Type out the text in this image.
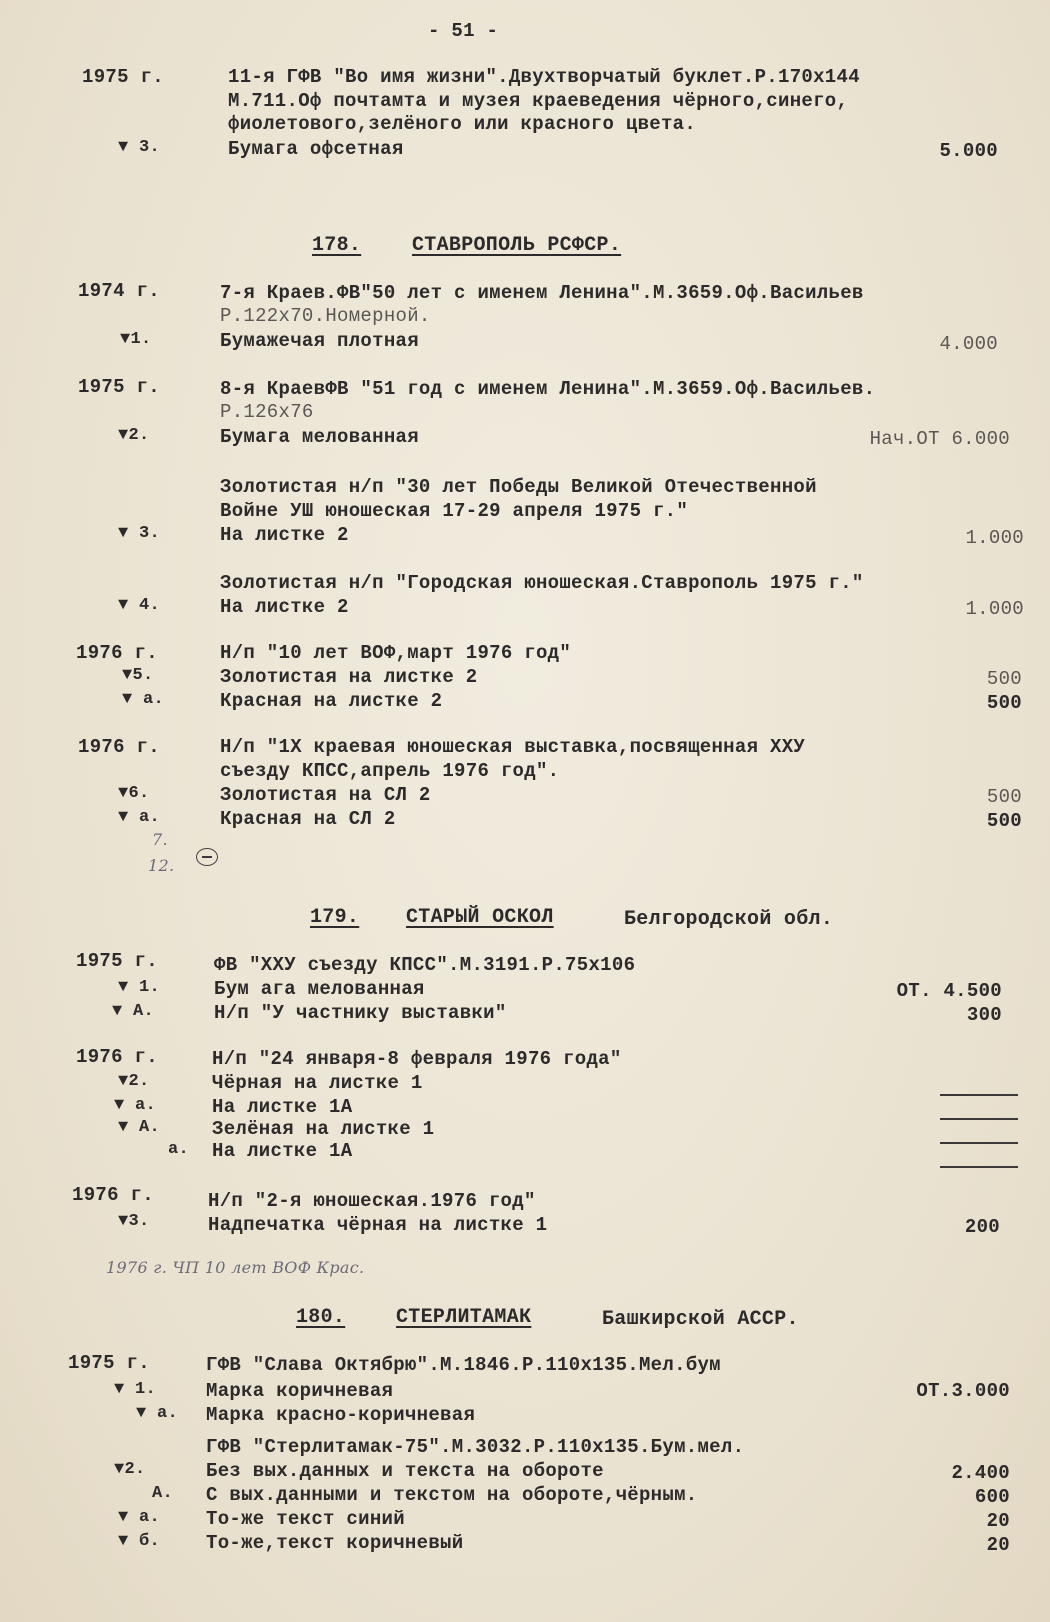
- 51 -
1975 г.	11-я ГФВ "Во имя жизни".Двухтворчатый буклет.Р.170х144
М.711.Оф почтамта и музея краеведения чёрного,синего,
фиолетового,зелёного или красного цвета.
▼ 3.	Бумага офсетная	5.000
178.	СТАВРОПОЛЬ РСФСР.
1974 г.	7-я Краев.ФВ"50 лет с именем Ленина".М.3659.Оф.Васильев
Р.122х70.Номерной.
▼1.	Бумажечая плотная	4.000
1975 г.	8-я КраевФВ "51 год с именем Ленина".М.3659.Оф.Васильев.
Р.126х76
▼2.	Бумага мелованная	Нач.ОТ 6.000
Золотистая н/п "30 лет Победы Великой Отечественной
Войне УШ юношеская 17-29 апреля 1975 г."
▼ 3.	На листке 2	1.000
Золотистая н/п "Городская юношеская.Ставрополь 1975 г."
▼ 4.	На листке 2	1.000
1976 г.	Н/п "10 лет ВОФ,март 1976 год"
▼5.	Золотистая на листке 2	500
▼ а.	Красная на листке 2	500
1976 г.	Н/п "1Х краевая юношеская выставка,посвященная ХХУ
съезду КПСС,апрель 1976 год".
▼6.	Золотистая на СЛ 2	500
▼ а.	Красная на СЛ 2	500
7.
12.
179. СТАРЫЙ ОСКОЛ	Белгородской обл.
1975 г.	ФВ "ХХУ съезду КПСС".М.3191.Р.75х106
▼ 1.	Бум ага мелованная	ОТ. 4.500
▼ А.	Н/п "У частнику выставки"	300
1976 г.	Н/п "24 января-8 февраля 1976 года"
▼2.	Чёрная на листке 1
▼ а.	На листке 1А
▼ А.	Зелёная на листке 1
а. На листке 1А
1976 г.	Н/п "2-я юношеская.1976 год"
▼3.	Надпечатка чёрная на листке 1	200
1976 г. ЧП 10 лет ВОФ Крас.
180.	СТЕРЛИТАМАК	Башкирской АССР.
1975 г.	ГФВ "Слава Октябрю".М.1846.Р.110х135.Мел.бум
▼ 1.	Марка коричневая	ОТ.3.000
▼ а. Марка красно-коричневая
ГФВ "Стерлитамак-75".М.3032.Р.110х135.Бум.мел.
▼2.	Без вых.данных и текста на обороте	2.400
А. С вых.данными и текстом на обороте,чёрным.	600
▼ а. То-же текст синий	20
▼ б. То-же,текст коричневый	20
